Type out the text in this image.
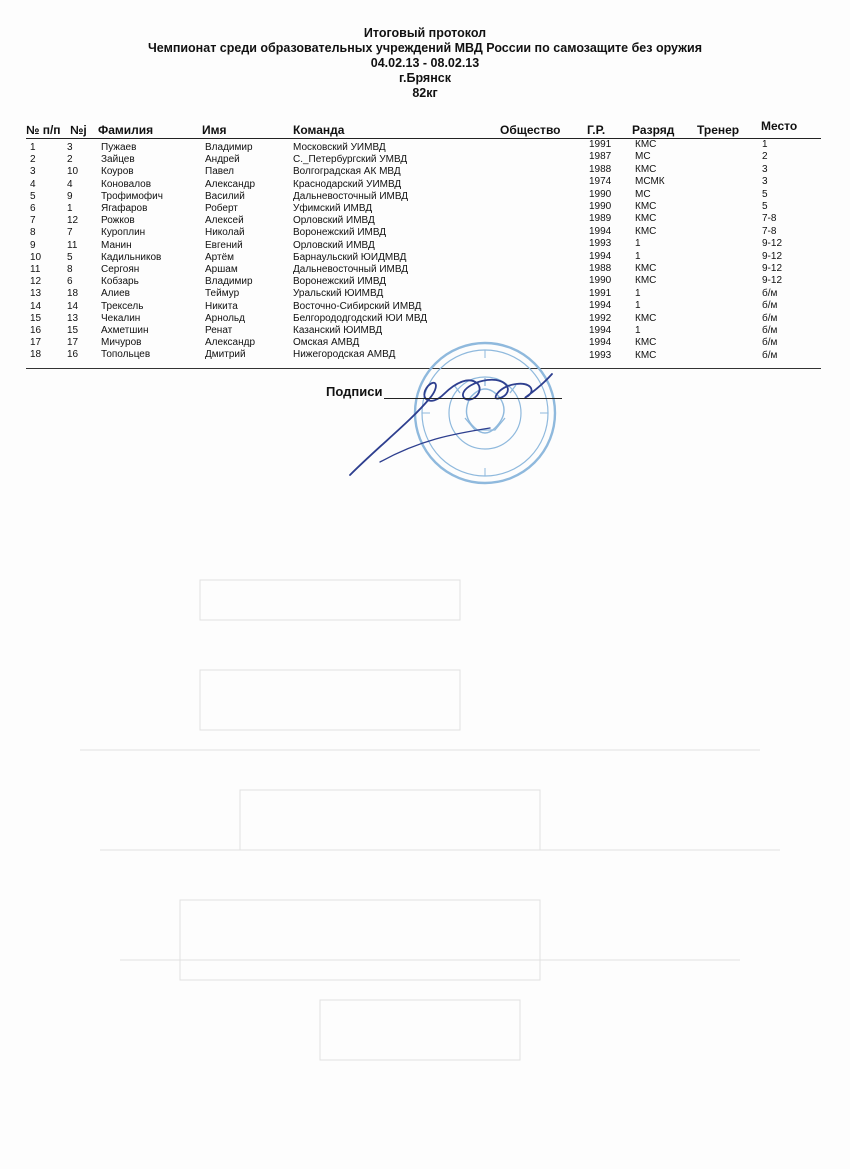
Итоговый протокол
Чемпионат среди образовательных учреждений МВД России по самозащите без оружия
04.02.13 - 08.02.13
г.Брянск
82кг
№ п/п №j Фамилия	Имя	Команда	Общество Г.Р. Разряд Тренер Место
1	3	Пужаев	Владимир	Московский УИМВД	1991 КМС	1
2	2	Зайцев	Андрей	С._Петербургский УМВД	1987 МС	2
3	10 Коуров	Павел	Волгоградская АК МВД	1988 КМС	3
4	4	Коновалов	Александр	Краснодарский УИМВД	1974 МСМК	3
5	9	Трофимофич	Василий	Дальневосточный ИМВД	1990 МС	5
6	1	Ягафаров	Роберт	Уфимский ИМВД	1990 КМС	5
7	12 Рожков	Алексей	Орловский ИМВД	1989 КМС	7-8
8	7	Куроплин	Николай	Воронежский ИМВД	1994 КМС	7-8
9	11 Манин	Евгений	Орловский ИМВД	1993 1	9-12
10	5	Кадильников	Артём	Барнаульский ЮИДМВД	1994 1	9-12
11	8	Сергоян	Аршам	Дальневосточный ИМВД	1988 КМС	9-12
12	6	Кобзарь	Владимир	Воронежский ИМВД	1990 КМС	9-12
13	18 Алиев	Теймур	Уральский ЮИМВД	1991 1	б/м
14	14 Трексель	Никита	Восточно-Сибирский ИМВД	1994 1	б/м
15	13 Чекалин	Арнольд	Белгорододгодский ЮИ МВД	1992 КМС	б/м
16	15 Ахметшин	Ренат	Казанский ЮИМВД	1994 1	б/м
17	17 Мичуров	Александр	Омская АМВД	1994 КМС	б/м
18	16 Топольцев	Дмитрий	Нижегородская АМВД	1993 КМС	б/м
Подписи
